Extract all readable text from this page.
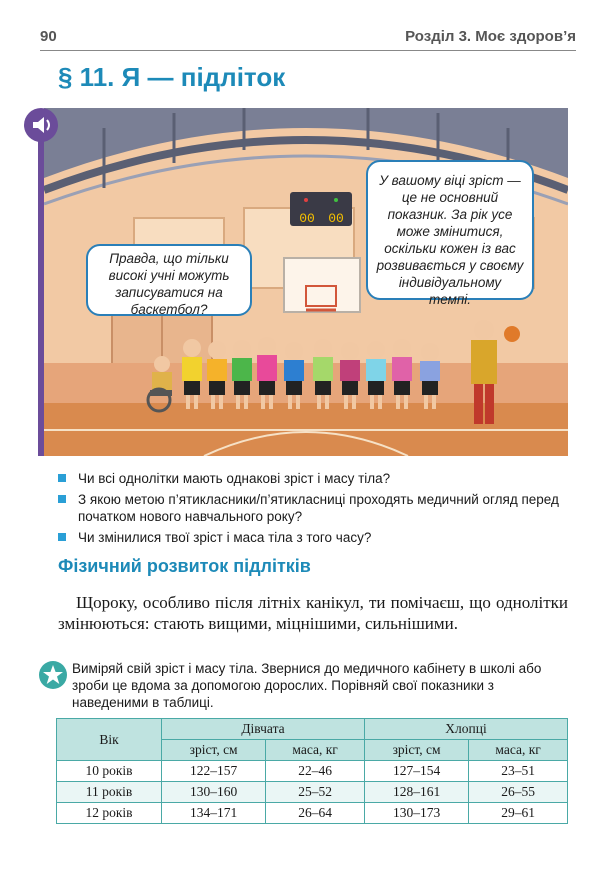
90	Розділ 3. Моє здоров’я
§ 11. Я — підліток
00 00
Правда, що тільки високі учні можуть записуватися на баскетбол?
У вашому віці зріст — це не основний показник. За рік усе може змінитися, оскільки кожен із вас розвивається у своєму індивідуальному темпі.
Чи всі однолітки мають однакові зріст і масу тіла?
З якою метою п’ятикласники/п’ятикласниці проходять медичний огляд перед початком нового навчального року?
Чи змінилися твої зріст і маса тіла з того часу?
Фізичний розвиток підлітків
Щороку, особливо після літніх канікул, ти помічаєш, що однолітки змінюються: стають вищими, міцнішими, сильнішими.
Виміряй свій зріст і масу тіла. Звернися до медичного кабінету в школі або зроби це вдома за допомогою дорослих. Порівняй свої показники з наведеними в таблиці.
Вік	Дівчата		Хлопці	
	зріст, см	маса, кг	зріст, см	маса, кг
10 років	122–157	22–46	127–154	23–51
11 років	130–160	25–52	128–161	26–55
12 років	134–171	26–64	130–173	29–61
